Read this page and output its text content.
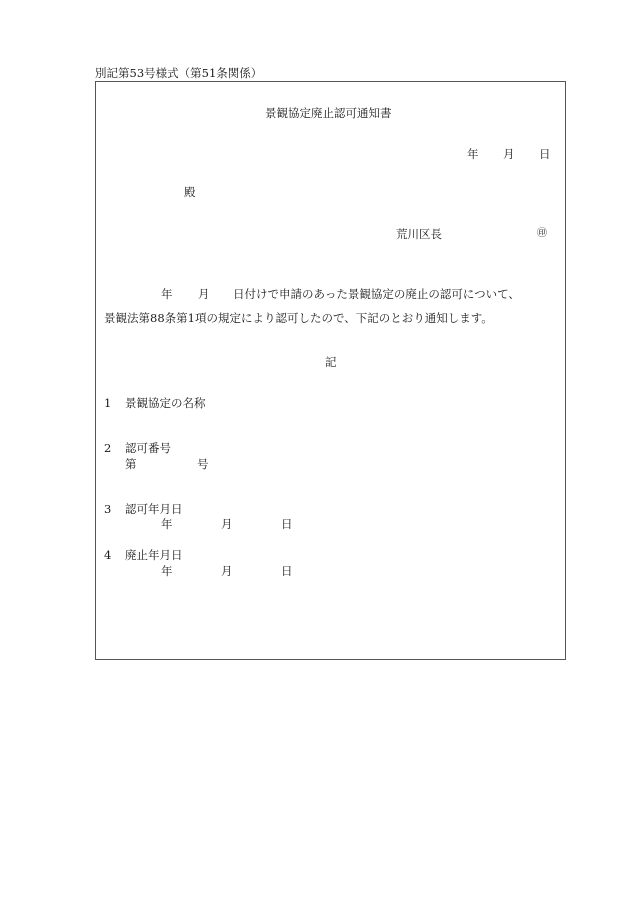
別記第53号様式（第51条関係）
景観協定廃止認可通知書
年 月 日
殿
荒川区長	㊞
年 月 日付けで申請のあった景観協定の廃止の認可について、
景観法第88条第1項の規定により認可したので、下記のとおり通知します。
記
1 景観協定の名称
2 認可番号
第	号
3 認可年月日
年	月	日
4 廃止年月日
年	月	日
